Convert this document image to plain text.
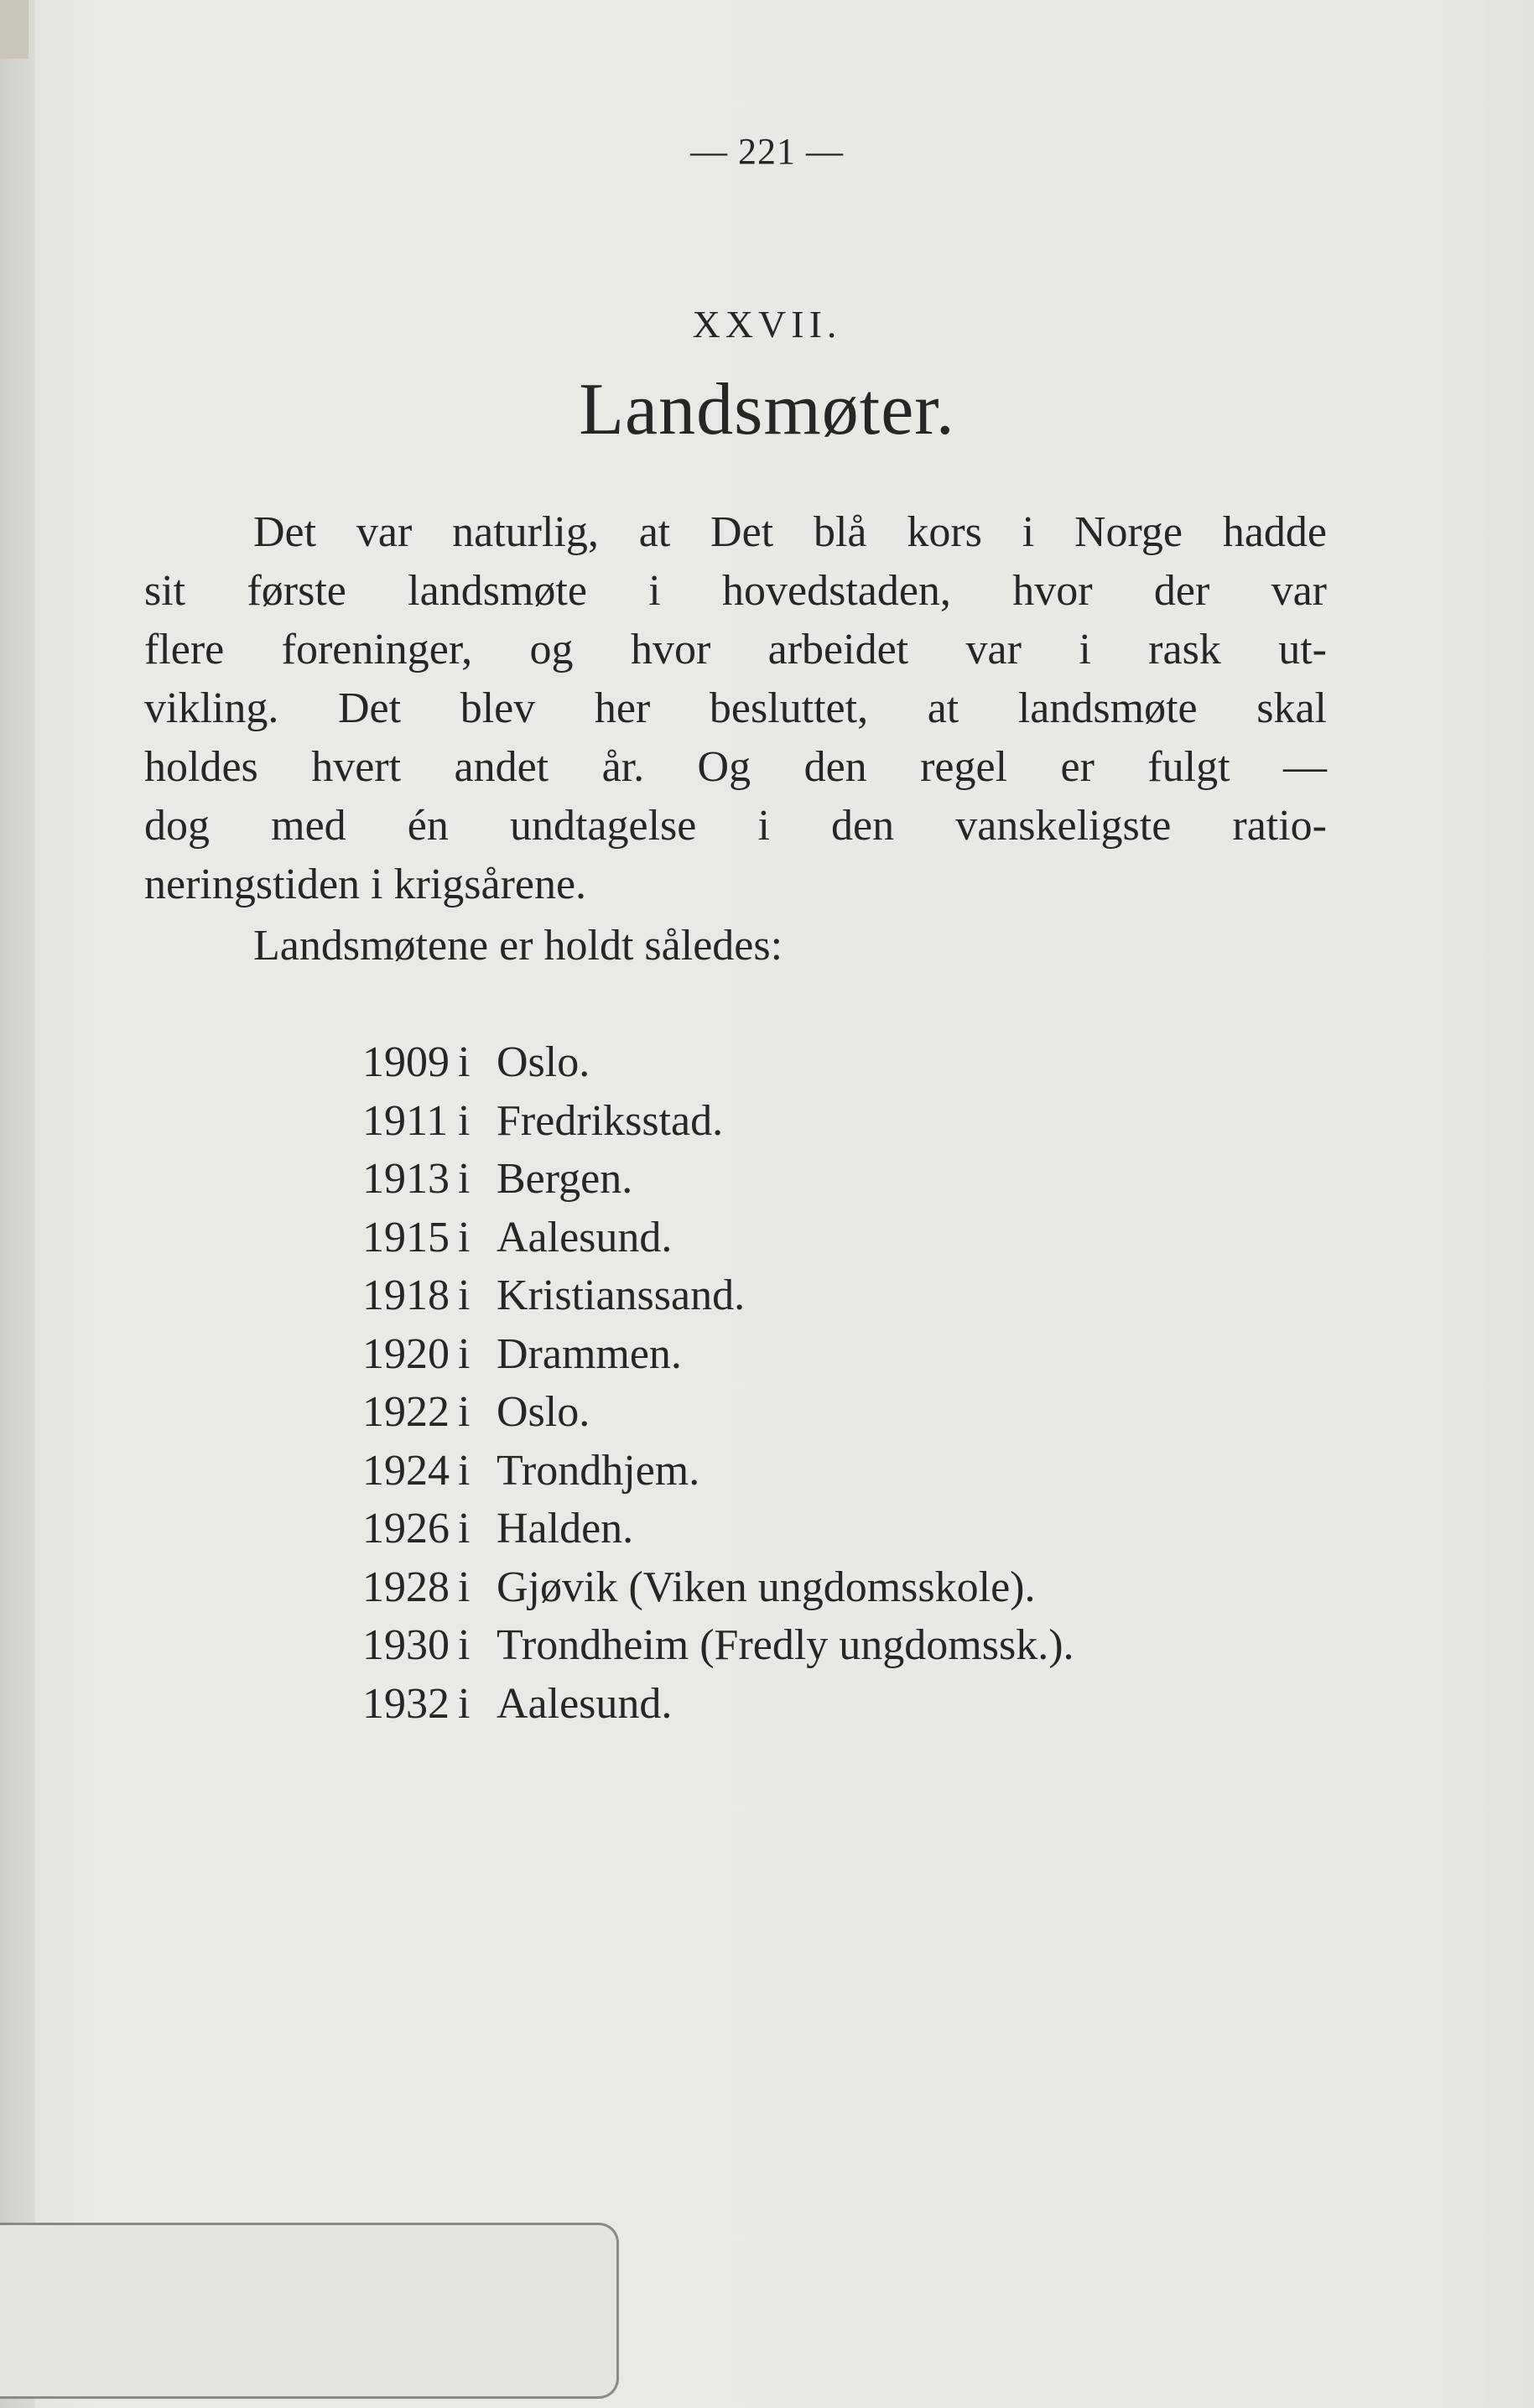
— 221 —
XXVII.
Landsmøter.
Det var naturlig, at Det blå kors i Norge hadde
sit første landsmøte i hovedstaden, hvor der var
flere foreninger, og hvor arbeidet var i rask ut-
vikling. Det blev her besluttet, at landsmøte skal
holdes hvert andet år. Og den regel er fulgt —
dog med én undtagelse i den vanskeligste ratio-
neringstiden i krigsårene.
Landsmøtene er holdt således:
1909 i Oslo.
1911 i Fredriksstad.
1913 i Bergen.
1915 i Aalesund.
1918 i Kristianssand.
1920 i Drammen.
1922 i Oslo.
1924 i Trondhjem.
1926 i Halden.
1928 i Gjøvik (Viken ungdomsskole).
1930 i Trondheim (Fredly ungdomssk.).
1932 i Aalesund.
